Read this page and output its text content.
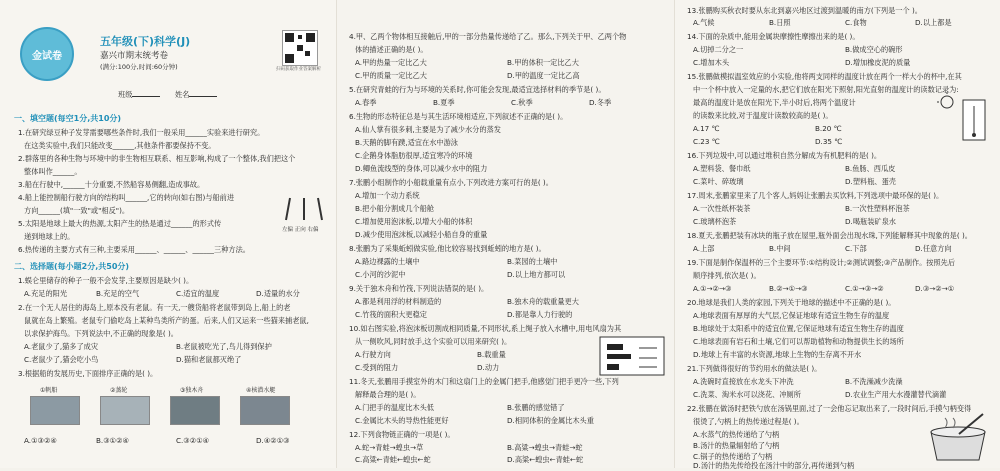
金试卷
五年级(下)科学(J)
嘉兴市期末统考卷
(满分:100分,时间:60分钟)
班级	姓名
扫码获取作业答案解析
一、填空题(每空1分,共10分)
1.在研究绿豆种子发芽需要哪些条件时,我们一般采用______实验来进行研究。
在这类实验中,我们只能改变______,其他条件都要保持不变。
2.群落里的各种生物与环境中的非生物相互联系、相互影响,构成了一个整体,我们把这个
整体叫作______。
3.船在行驶中,______十分重要,不然船容易侧翻,造成事故。
4.船上能控制船行驶方向的结构叫______,它的转向(如右图)与船前进
方向______(填"一致"或"相反")。
5.太阳是地球上最大的热源,太阳产生的热是通过______的形式传
递到地球上的。
6.热传递的主要方式有三种,主要采用______、______、______三种方法。
左偏 正向 右偏
二、选择题(每小题2分,共50分)
1.蜈仑里储存的种子一般不会发芽,主要原因是缺少( )。
A.充足的阳光	B.充足的空气	C.适宜的温度	D.适量的水分
2.在一个无人居住的海岛上,原本没有老鼠。有一天,一艘货船将老鼠带到岛上,船上的老
鼠就在岛上繁殖。老鼠专门偷吃岛上某种鸟类所产的蛋。后来,人们又运来一些猫来捕老鼠,
以求保护海鸟。下列说法中,不正确的现象是( )。
A.老鼠少了,猫多了成灾	B.老鼠被吃光了,鸟儿得到保护
C.老鼠少了,猫会吃小鸟	D.猫和老鼠都灭绝了
3.根据船的发展历史,下面排序正确的是( )。
①帆船	②蒸轮	③独木舟	④核潜水艇
A.①③②④	B.③①②④	C.③②①④	D.④②①③
4.甲、乙两个物体相互接触后,甲的一部分热量传递给了乙。那么,下列关于甲、乙两个物
体的描述正确的是( )。
A.甲的热量一定比乙大	B.甲的体积一定比乙大
C.甲的质量一定比乙大	D.甲的温度一定比乙高
5.在研究青蛙的行为与环境的关系时,你可能会发现,最适宜选择材料的季节是( )。
A.春季	B.夏季	C.秋季	D.冬季
6.生物的形态特征总是与其生活环境相适应,下列叙述不正确的是( )。
A.仙人掌有很多刺,主要是为了减少水分的蒸发
B.天鹅的脚有蹼,适宜在水中游泳
C.企鹅身体脂肪很厚,适宜寒冷的环境
D.鲫鱼流线型的身体,可以减少水中的阻力
7.张鹏小组制作的小船载重量有点小,下列改进方案可行的是( )。
A.增加一个动力系统
B.把小船分割成几个船舱
C.增加使用泡沫板,以增大小船的体积
D.减少使用泡沫板,以减轻小船自身的重量
8.张鹏为了采集蚯蚓做实验,他比较容易找到蚯蚓的地方是( )。
A.路边裸露的土壤中	B.菜园的土壤中
C.小河的沙泥中	D.以上地方都可以
9.关于独木舟和竹筏,下列说法错误的是( )。
A.都是利用浮的材料制造的	B.独木舟的载重量更大
C.竹筏的面积大更稳定	D.都是靠人力行驶的
10.如右图实验,将泡沫板切割成相同质量,不同形状,系上绳子放入水槽中,用电风扇为其
从一侧吹风,同时放手,这个实验可以用来研究( )。
A.行驶方向	B.载重量
C.受到的阻力	D.动力
11.冬天,张鹏用手摸室外的木门和这扇门上的金属门把手,他感觉门把手更冷一些,下列
解释最合理的是( )。
A.门把手的温度比木头低	B.张鹏的感觉错了
C.金属比木头的导热性能更好	D.相同体积的金属比木头重
12.下列食物链正确的一项是( )。
A.蛇→青蛙→蝗虫→草	B.高粱→蝗虫→青蛙→蛇
C.高粱←青蛙←蝗虫←蛇	D.高粱←蝗虫←青蛙←蛇
13.张鹏购买秋衣时要从东北到嘉兴地区过渡到温暖的南方(下列是一个 )。
A.气候	B.日照	C.食物	D.以上都是
14.下面的杂质中,能用金属块摩擦性摩擦出来的是( )。
A.切掉二分之一	B.做成空心的碗形
C.增加木头	D.增加橡皮泥的质量
15.张鹏做模拟温室效应的小实验,他将两支同样的温度计放在两个一样大小的杯中,在其
中一个杯中放入一定量的水,把它们放在阳光下照射,阳光直射的温度计的读数记录为:
最高的温度计是放在阳光下,半小时后,将两个温度计
的读数来比较,对于温度计读数较高的是( )。
A.17 ℃	B.20 ℃
C.23 ℃	D.35 ℃
16.下列垃圾中,可以通过堆积自然分解成为有机肥料的是( )。
A.塑料袋、餐巾纸	B.鱼肠、西瓜皮
C.菜叶、碎玻璃	D.塑料瓶、蛋壳
17.周末,张鹏家里来了几个客人,妈妈让张鹏去买饮料,下列选项中最环保的是( )。
A.一次性纸杯装茶	B.一次性塑料杯泡茶
C.玻璃杯泡茶	D.喝瓶装矿泉水
18.夏天,张鹏把装有冰块的瓶子放在屋里,瓶外面会出现水珠,下列能解释其中现象的是( )。
A.上部	B.中间	C.下部	D.任意方向
19.下面是制作保温杯的三个主要环节:①结构设计;②测试调整;③产品制作。按照先后
顺序排列,依次是( )。
A.①→②→③	B.②→①→③	C.①→③→②	D.③→②→①
20.地球是我们人类的家园,下列关于地球的描述中不正确的是( )。
A.地球表面有厚厚的大气层,它保证地球有适宜生物生存的温度
B.地球处于太阳系中的适宜位置,它保证地球有适宜生物生存的温度
C.地球表面有岩石和土壤,它们可以帮助植物和动物提供生长的场所
D.地球上有丰富的水资源,地球上生物的生存离不开水
21.下列做得很好的节约用水的做法是( )。
A.洗碗时直接放在水龙头下冲洗	B.不洗澡减少洗澡
C.洗菜、淘米水可以浇花、冲厕所	D.农业生产用大水漫灌替代滴灌
22.张鹏在做汤时把铁勺放在汤锅里面,过了一会他忘记取出来了,一段时间后,手摸勺柄变得
很烫了,勺柄上的热传递过程是( )。
A.水蒸气的热传递给了勺柄
B.汤汁的热量辐射给了勺柄
C.锅子的热传递给了勺柄
D.汤汁的热先传给投在汤汁中的部分,再传递到勺柄
